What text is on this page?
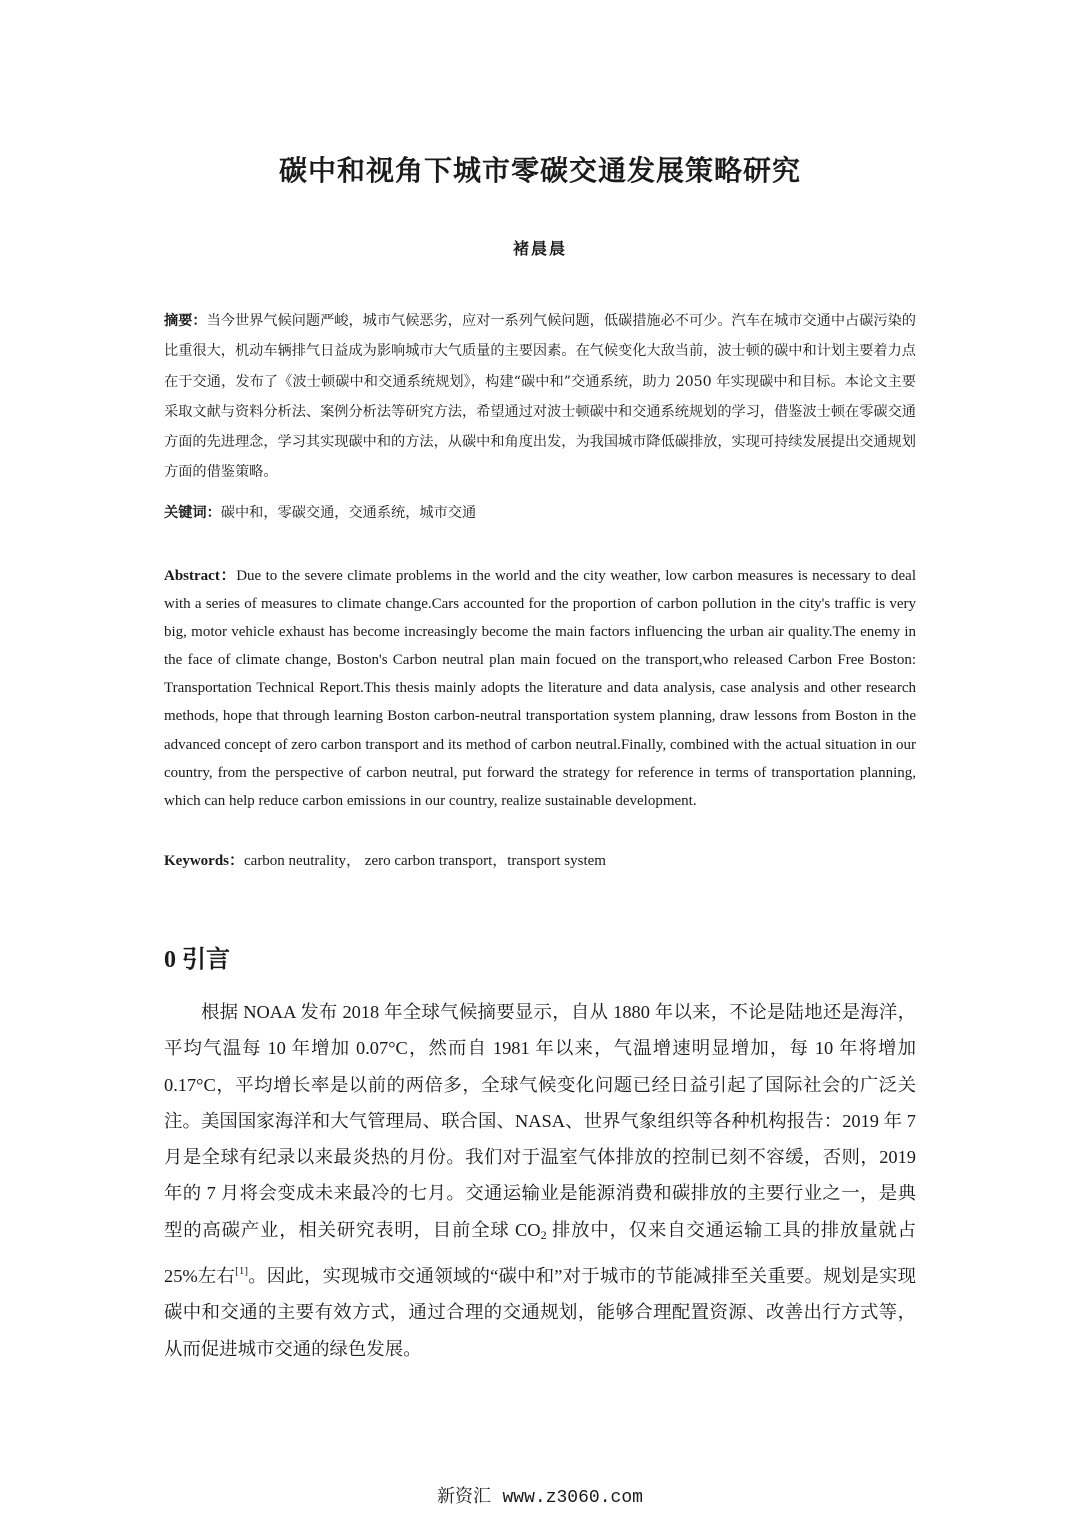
碳中和视角下城市零碳交通发展策略研究
褚晨晨

摘要：当今世界气候问题严峻，城市气候恶劣，应对一系列气候问题，低碳措施必不可少。汽车在城市交通中占碳污染的比重很大，机动车辆排气日益成为影响城市大气质量的主要因素。在气候变化大敌当前，波士顿的碳中和计划主要着力点在于交通，发布了《波士顿碳中和交通系统规划》，构建“碳中和”交通系统，助力 2050 年实现碳中和目标。本论文主要采取文献与资料分析法、案例分析法等研究方法，希望通过对波士顿碳中和交通系统规划的学习，借鉴波士顿在零碳交通方面的先进理念，学习其实现碳中和的方法，从碳中和角度出发，为我国城市降低碳排放，实现可持续发展提出交通规划方面的借鉴策略。

关键词：碳中和，零碳交通，交通系统，城市交通

Abstract：Due to the severe climate problems in the world and the city weather, low carbon measures is necessary to deal with a series of measures to climate change.Cars accounted for the proportion of carbon pollution in the city's traffic is very big, motor vehicle exhaust has become increasingly become the main factors influencing the urban air quality.The enemy in the face of climate change, Boston's Carbon neutral plan main focued on the transport,who released Carbon Free Boston: Transportation Technical Report.This thesis mainly adopts the literature and data analysis, case analysis and other research methods, hope that through learning Boston carbon-neutral transportation system planning, draw lessons from Boston in the advanced concept of zero carbon transport and its method of carbon neutral.Finally, combined with the actual situation in our country, from the perspective of carbon neutral, put forward the strategy for reference in terms of transportation planning, which can help reduce carbon emissions in our country, realize sustainable development.

Keywords：carbon neutrality， zero carbon transport，transport system

0 引言

根据 NOAA 发布 2018 年全球气候摘要显示，自从 1880 年以来，不论是陆地还是海洋，平均气温每 10 年增加 0.07°C，然而自 1981 年以来，气温增速明显增加，每 10 年将增加 0.17°C，平均增长率是以前的两倍多，全球气候变化问题已经日益引起了国际社会的广泛关注。美国国家海洋和大气管理局、联合国、NASA、世界气象组织等各种机构报告：2019 年 7 月是全球有纪录以来最炎热的月份。我们对于温室气体排放的控制已刻不容缓，否则，2019 年的 7 月将会变成未来最冷的七月。交通运输业是能源消费和碳排放的主要行业之一，是典型的高碳产业，相关研究表明，目前全球 $CO_2$ 排放中，仅来自交通运输工具的排放量就占 25%左右[1]。因此，实现城市交通领域的“碳中和”对于城市的节能减排至关重要。规划是实现碳中和交通的主要有效方式，通过合理的交通规划，能够合理配置资源、改善出行方式等，从而促进城市交通的绿色发展。

新资汇 www.z3060.com
